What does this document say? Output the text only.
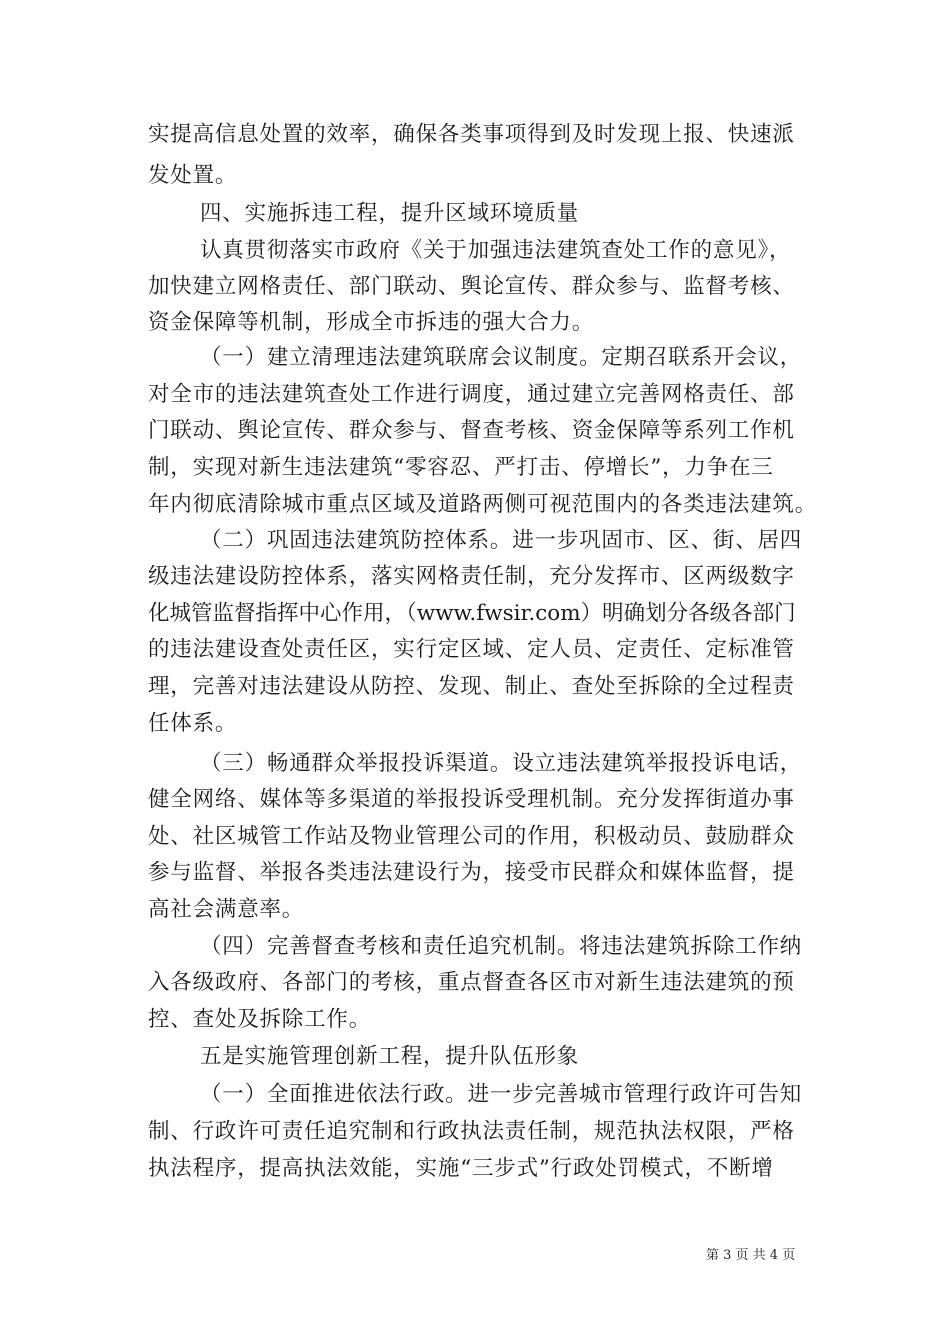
实提高信息处置的效率，确保各类事项得到及时发现上报、快速派
发处置。
四、实施拆违工程，提升区域环境质量
认真贯彻落实市政府《关于加强违法建筑查处工作的意见》，
加快建立网格责任、部门联动、舆论宣传、群众参与、监督考核、
资金保障等机制，形成全市拆违的强大合力。
（一）建立清理违法建筑联席会议制度。定期召联系开会议，
对全市的违法建筑查处工作进行调度，通过建立完善网格责任、部
门联动、舆论宣传、群众参与、督查考核、资金保障等系列工作机
制，实现对新生违法建筑“零容忍、严打击、停增长”，力争在三
年内彻底清除城市重点区域及道路两侧可视范围内的各类违法建筑。
（二）巩固违法建筑防控体系。进一步巩固市、区、街、居四
级违法建设防控体系，落实网格责任制，充分发挥市、区两级数字
化城管监督指挥中心作用，（www.fwsir.com）明确划分各级各部门
的违法建设查处责任区，实行定区域、定人员、定责任、定标准管
理，完善对违法建设从防控、发现、制止、查处至拆除的全过程责
任体系。
（三）畅通群众举报投诉渠道。设立违法建筑举报投诉电话，
健全网络、媒体等多渠道的举报投诉受理机制。充分发挥街道办事
处、社区城管工作站及物业管理公司的作用，积极动员、鼓励群众
参与监督、举报各类违法建设行为，接受市民群众和媒体监督，提
高社会满意率。
（四）完善督查考核和责任追究机制。将违法建筑拆除工作纳
入各级政府、各部门的考核，重点督查各区市对新生违法建筑的预
控、查处及拆除工作。
五是实施管理创新工程，提升队伍形象
（一）全面推进依法行政。进一步完善城市管理行政许可告知
制、行政许可责任追究制和行政执法责任制，规范执法权限，严格
执法程序，提高执法效能，实施“三步式”行政处罚模式，不断增
第 3 页 共 4 页
